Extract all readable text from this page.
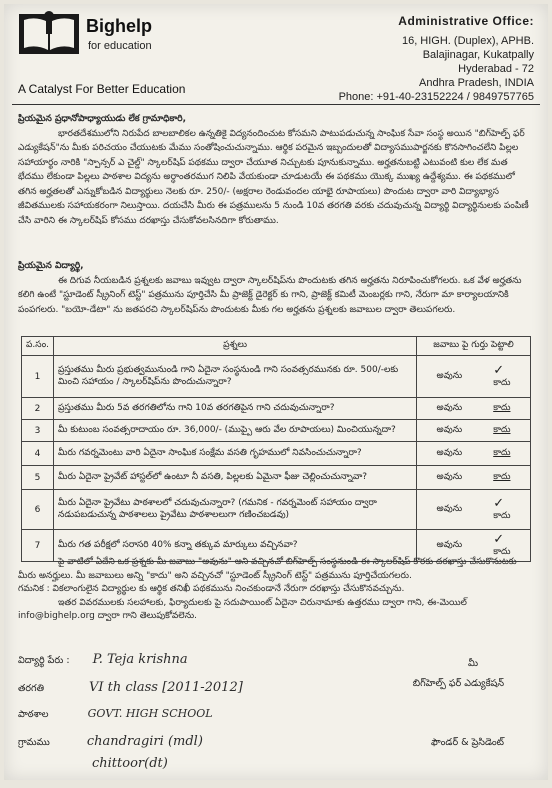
Bighelp
for education
A Catalyst For Better Education
Administrative Office:
16, HIGH. (Duplex), APHB.
Balajinagar, Kukatpally
Hyderabad - 72
Andhra Pradesh, INDIA
Phone: +91-40-23152224 / 9849757765
ప్రియమైన ప్రధానోపాధ్యాయుడు లేక గ్రామాధికారి,
భారతదేశములోని నిరుపేద బాలబాలికల ఉన్నతికై విద్యనందించుట కోసమని పాటుపడుచున్న సాంఘిక సేవా సంస్థ అయిన "బిగ్‌హెల్ప్ ఫర్ ఎడ్యుకేషన్"ను మీకు పరిచయం చేయుటకు మేము సంతోషించుచున్నాము. ఆర్థిక పరమైన ఇబ్బందులతో విద్యాసముపార్జనకు కొనసాగించలేని పిల్లల సహాయార్థం నారికి "స్పాన్సర్ ఎ చైల్డ్" స్కాలర్‌షిప్ పథకము ద్వారా చేయూత నిచ్చుటకు పూనుకున్నాము. అర్హతనుబట్టి ఎటువంటి కుల లేక మత భేదము లేకుండా పిల్లలు పాఠశాల విద్యను అర్ధాంతరముగ నిలిపి వేయకుండా చూడుటయే ఈ పథకము యొక్క ముఖ్య ఉద్దేశ్యము. ఈ పథకములో తగిన అర్హతలతో ఎన్నుకోబడిన విద్యార్థులు నెలకు రూ. 250/- (అక్షరాల రెండువందల యాభై రూపాయలు) పొందుట ద్వారా వారి విద్యాభ్యాస జీవితములకు సహాయకరంగా నిలుస్తాయి. దయచేసి మీరు ఈ పత్రములను 5 నుండి 10వ తరగతి వరకు చదువుచున్న విద్యార్థి విద్యార్థినులకు పంపిణీ చేసి వారిని ఈ స్కాలర్‌షిప్ కోసము దరఖాస్తు చేసుకోవలసినదిగా కోరుతాము.
ప్రియమైన విద్యార్థి,
ఈ దిగువ నీయబడిన ప్రశ్నలకు జవాబు ఇవ్వుట ద్వారా స్కాలర్‌షిప్‌ను పొందుటకు తగిన అర్హతను నిరూపించుకోగలరు. ఒక వేళ అర్హతను కలిగి ఉంటే "స్టూడెంట్ స్క్రీనింగ్ టెస్ట్" పత్రమును పూర్తిచేసి మీ ప్రాజెక్ట్ డైరెక్టర్ కు గాని, ప్రాజెక్ట్ కమిటీ మెంబర్లకు గాని, నేరుగా మా కార్యాలయానికి పంపగలరు. "బయో-డేటా" ను జతపరచి స్కాలర్‌షిప్‌ను పొందుటకు మీకు గల అర్హతను ప్రశ్నలకు జవాబుల ద్వారా తెలుపగలరు.
ప.సం.	ప్రశ్నలు	జవాబు పై గుర్తు పెట్టాలి
1	ప్రస్తుతము మీరు ప్రభుత్వమునుండి గాని ఏదైనా సంస్థనుండి గాని సంవత్సరమునకు రూ. 500/-లకు మించి సహాయం / స్కాలర్‌షిప్‌ను పొందుచున్నారా?	అవును ✓
కాదు

2	ప్రస్తుతము మీరు 5వ తరగతిలోను గాని 10వ తరగతిపైన గాని చదువుచున్నారా?	అవును కాదు

3	మీ కుటుంబ సంవత్సరాదాయం రూ. 36,000/- (ముప్పై ఆరు వేల రూపాయలు) మించియున్నదా?	అవును కాదు

4	మీరు గవర్నమెంటు వారి ఏదైనా సాంఘిక సంక్షేమ వసతి గృహములో నివసించుచున్నారా?	అవును కాదు

5	మీరు ఏదైనా ప్రైవేట్ హాస్టల్‌లో ఉంటూ నీ వసతి, పిల్లలకు ఏమైనా ఫీజు చెల్లించుచున్నావా?	అవును కాదు

6	మీరు ఏదైనా ప్రైవేటు పాఠశాలలో చదువుచున్నారా? (గమనిక - గవర్నమెంట్ సహాయం ద్వారా నడుపబడుచున్న పాఠశాలలు ప్రైవేటు పాఠశాలలుగా గణించబడవు)	అవును ✓
కాదు

7	మీరు గత పరీక్షలో సరాసరి 40% కన్నా తక్కువ మార్కులు వచ్చినవా?	అవును ✓
కాదు
పై వాటిలో ఏదేని ఒక ప్రశ్నకు మీ జవాబు "అవును" అని వచ్చినచో బిగ్‌హెల్ప్ సంస్థనుండి ఈ స్కాలర్‌షిప్ కొరకు దరఖాస్తు చేసుకొనుటకు మీరు అనర్హులు. మీ జవాబులు అన్ని "కాదు" అని వచ్చినచో "స్టూడెంట్ స్క్రీనింగ్ టెస్ట్" పత్రమును పూర్తిచేయగలరు.
గమనిక : వికలాంగులైన విద్యార్థుల కు ఆర్థిక తనిఖీ పథకమును నించకుండానే నేరుగా దరఖాస్తు చేసుకొనవచ్చును.
ఇతర వివరములకు సలహాలకు, ఫిర్యాదులకు పై సదుపాయింట్ ఏదైనా చిరునామాకు ఉత్తరము ద్వారా గాని, ఈ-మెయిల్
info@bighelp.org ద్వారా గాని తెలుపుకోవలెను.
విద్యార్థి పేరు : P. Teja krishna
తరగతి	VI th class [2011-2012]
పాఠశాల	GOVT. HIGH SCHOOL
గ్రామము	chandragiri (mdl)
chittoor(dt)
మీ
బిగ్‌హెల్ప్ ఫర్ ఎడ్యుకేషన్
ఫౌండర్ & ప్రెసిడెంట్
